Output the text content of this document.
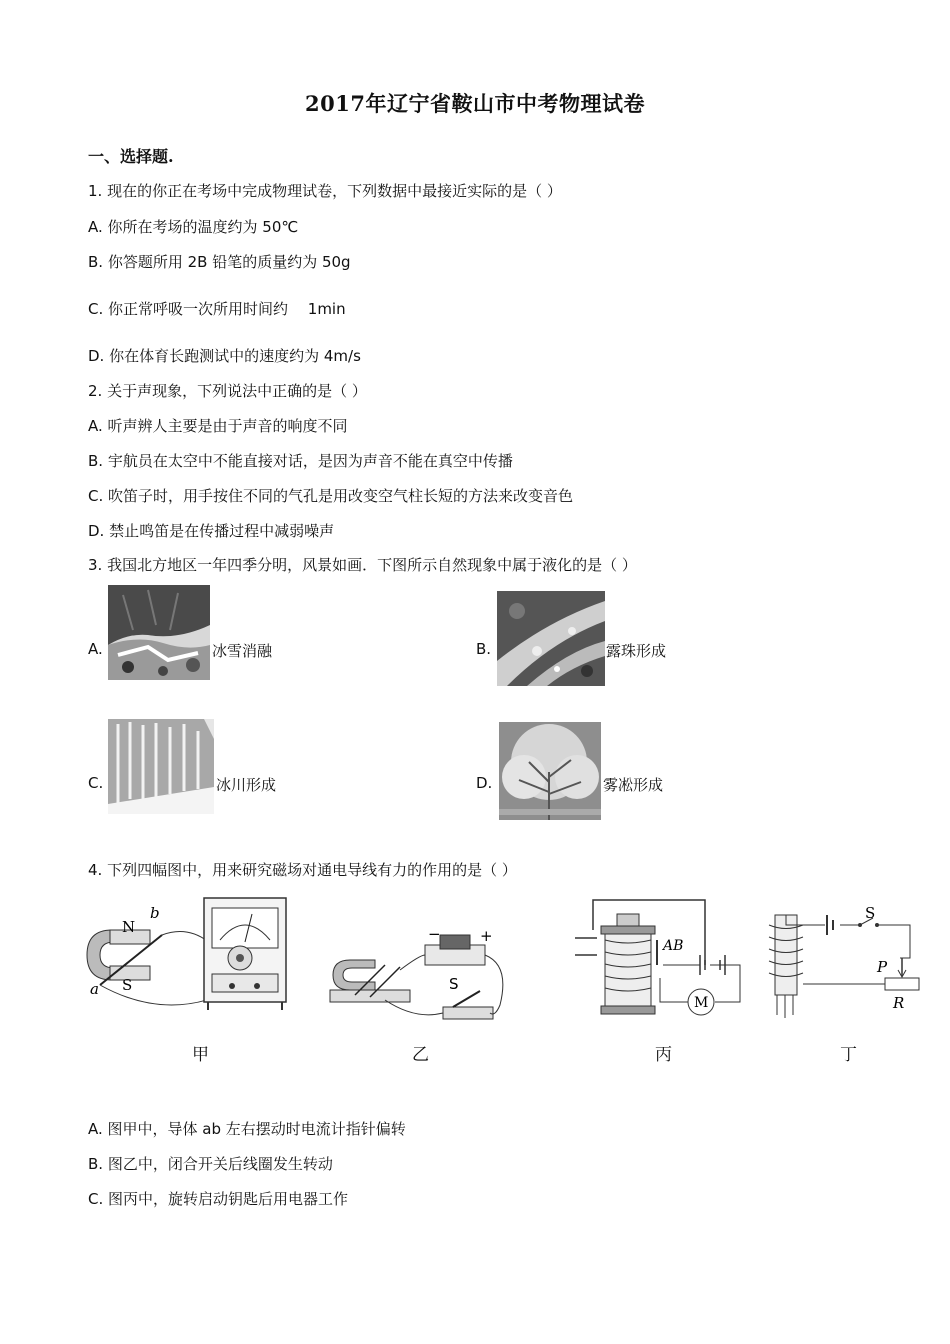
2017年辽宁省鞍山市中考物理试卷
一、选择题.
1. 现在的你正在考场中完成物理试卷，下列数据中最接近实际的是（ ）
A. 你所在考场的温度约为 50℃
B. 你答题所用 2B 铅笔的质量约为 50g
C. 你正常呼吸一次所用时间约　 1min
D. 你在体育长跑测试中的速度约为 4m/s
2. 关于声现象，下列说法中正确的是（ ）
A. 听声辨人主要是由于声音的响度不同
B. 宇航员在太空中不能直接对话，是因为声音不能在真空中传播
C. 吹笛子时，用手按住不同的气孔是用改变空气柱长短的方法来改变音色
D. 禁止鸣笛是在传播过程中减弱噪声
3. 我国北方地区一年四季分明，风景如画．下图所示自然现象中属于液化的是（ ）
A.	冰雪消融	B.	露珠形成
C.	冰川形成	D.	雾凇形成
4. 下列四幅图中，用来研究磁场对通电导线有力的作用的是（ ）
N
b
S
a
甲
−	+
S
乙
AB
M
丙
S
P
R
丁
A. 图甲中，导体 ab 左右摆动时电流计指针偏转
B. 图乙中，闭合开关后线圈发生转动
C. 图丙中，旋转启动钥匙后用电器工作
